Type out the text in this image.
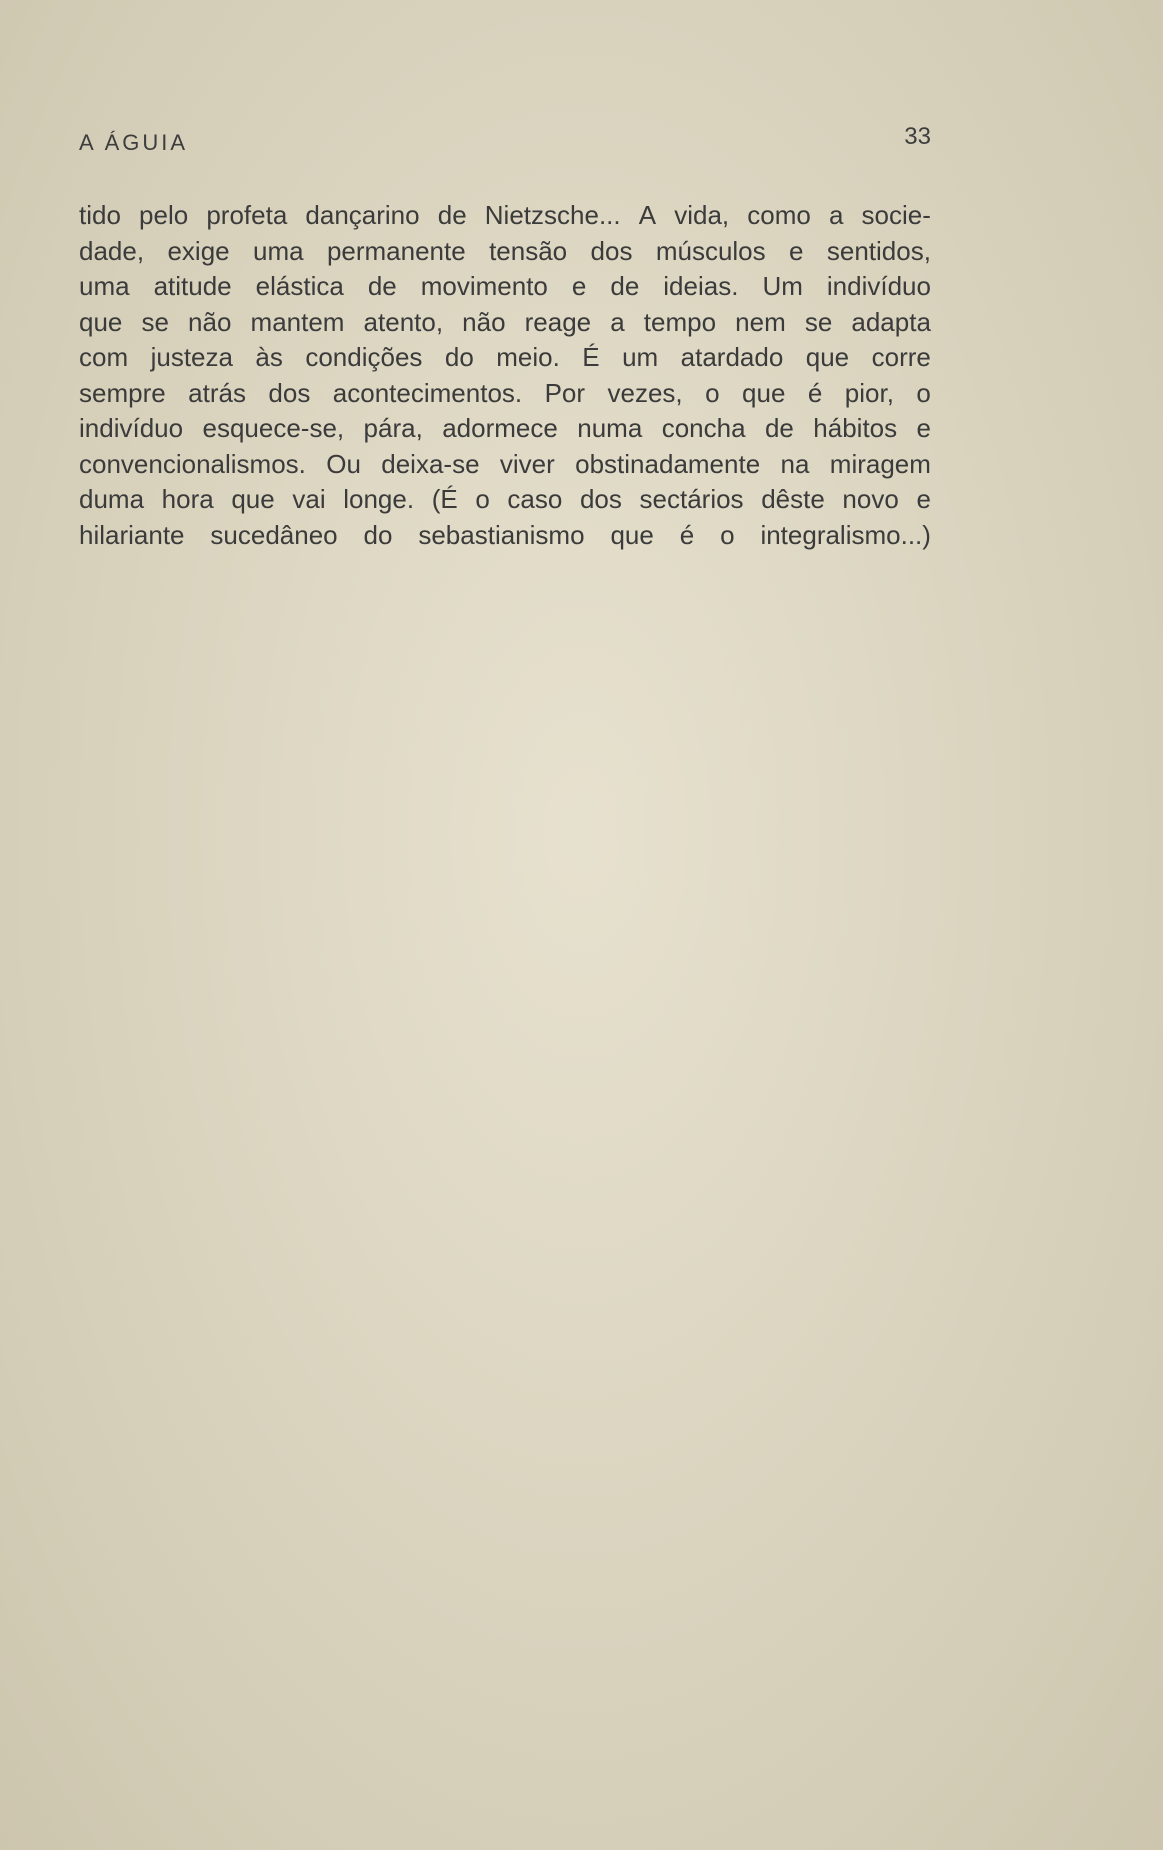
A ÁGUIA	33
tido pelo profeta dançarino de Nietzsche... A vida, como a socie-
dade, exige uma permanente tensão dos músculos e sentidos,
uma atitude elástica de movimento e de ideias. Um indivíduo
que se não mantem atento, não reage a tempo nem se adapta
com justeza às condições do meio. É um atardado que corre
sempre atrás dos acontecimentos. Por vezes, o que é pior, o
indivíduo esquece-se, pára, adormece numa concha de hábitos e
convencionalismos. Ou deixa-se viver obstinadamente na miragem
duma hora que vai longe. (É o caso dos sectários dêste novo e
hilariante sucedâneo do sebastianismo que é o integralismo...)
